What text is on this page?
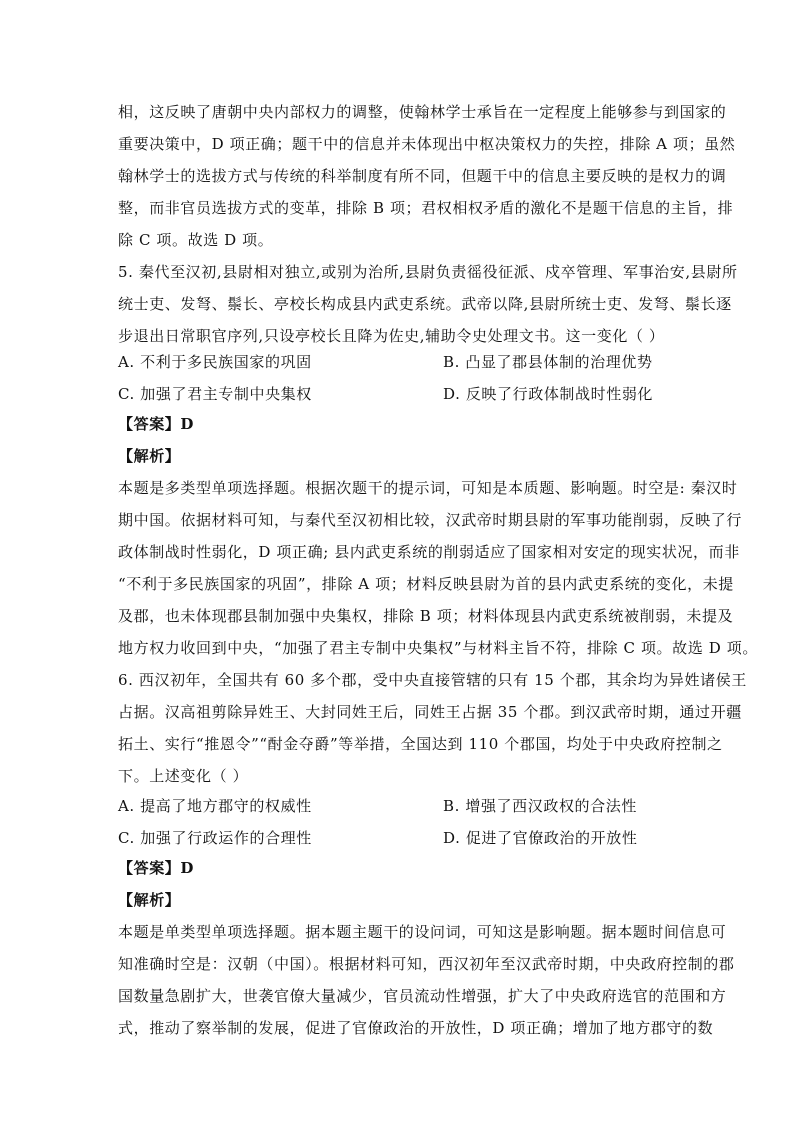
相，这反映了唐朝中央内部权力的调整，使翰林学士承旨在一定程度上能够参与到国家的
重要决策中，D 项正确；题干中的信息并未体现出中枢决策权力的失控，排除 A 项；虽然
翰林学士的选拔方式与传统的科举制度有所不同，但题干中的信息主要反映的是权力的调
整，而非官员选拔方式的变革，排除 B 项；君权相权矛盾的激化不是题干信息的主旨，排
除 C 项。故选 D 项。
5. 秦代至汉初,县尉相对独立,或别为治所,县尉负责徭役征派、戍卒管理、军事治安,县尉所
统士吏、发弩、鬃长、亭校长构成县内武吏系统。武帝以降,县尉所统士吏、发弩、鬃长逐
步退出日常职官序列,只设亭校长且降为佐史,辅助令史处理文书。这一变化（ ）
A. 不利于多民族国家的巩固	B. 凸显了郡县体制的治理优势
C. 加强了君主专制中央集权	D. 反映了行政体制战时性弱化
【答案】D
【解析】
本题是多类型单项选择题。根据次题干的提示词，可知是本质题、影响题。时空是: 秦汉时
期中国。依据材料可知，与秦代至汉初相比较，汉武帝时期县尉的军事功能削弱，反映了行
政体制战时性弱化，D 项正确; 县内武吏系统的削弱适应了国家相对安定的现实状况，而非
“不利于多民族国家的巩固”，排除 A 项；材料反映县尉为首的县内武吏系统的变化，未提
及郡，也未体现郡县制加强中央集权，排除 B 项；材料体现县内武吏系统被削弱，未提及
地方权力收回到中央，“加强了君主专制中央集权”与材料主旨不符，排除 C 项。故选 D 项。
6. 西汉初年，全国共有 60 多个郡，受中央直接管辖的只有 15 个郡，其余均为异姓诸侯王
占据。汉高祖剪除异姓王、大封同姓王后，同姓王占据 35 个郡。到汉武帝时期，通过开疆
拓土、实行“推恩令”“酎金夺爵”等举措，全国达到 110 个郡国，均处于中央政府控制之
下。上述变化（ ）
A. 提高了地方郡守的权威性	B. 增强了西汉政权的合法性
C. 加强了行政运作的合理性	D. 促进了官僚政治的开放性
【答案】D
【解析】
本题是单类型单项选择题。据本题主题干的设问词，可知这是影响题。据本题时间信息可
知准确时空是：汉朝（中国）。根据材料可知，西汉初年至汉武帝时期，中央政府控制的郡
国数量急剧扩大，世袭官僚大量减少，官员流动性增强，扩大了中央政府选官的范围和方
式，推动了察举制的发展，促进了官僚政治的开放性，D 项正确；增加了地方郡守的数
